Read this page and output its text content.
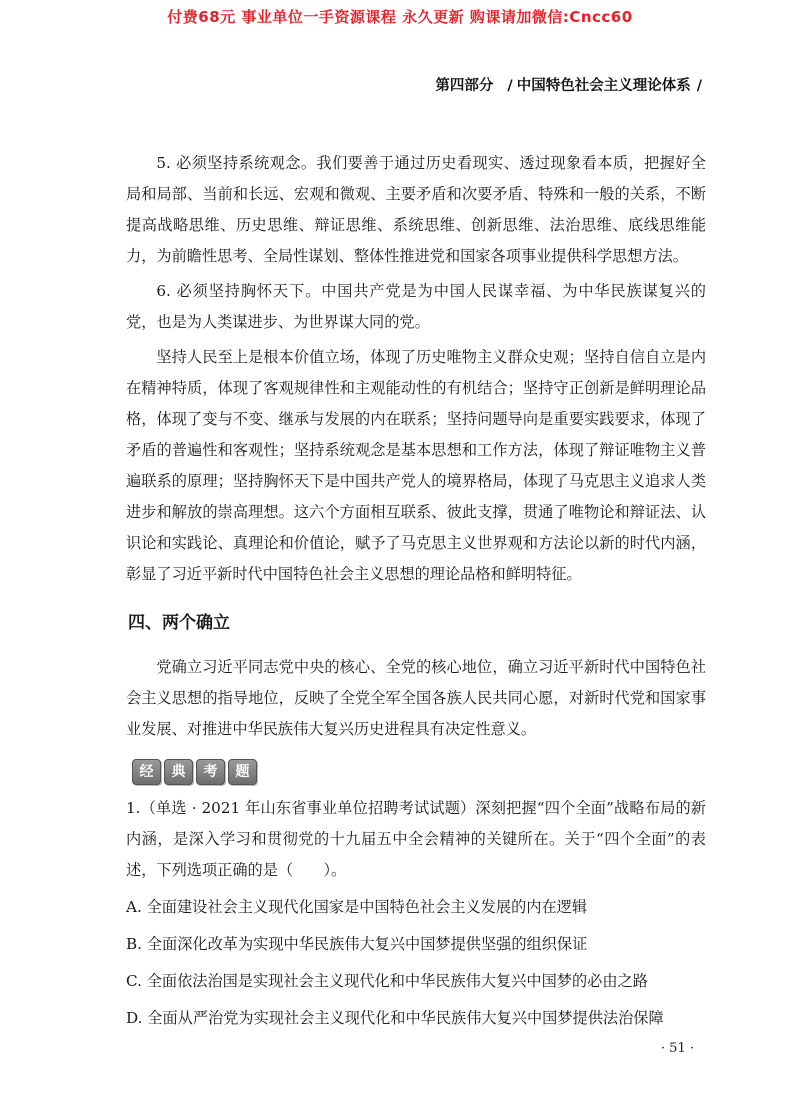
付费68元 事业单位一手资源课程 永久更新 购课请加微信:Cncc60
第四部分 / 中国特色社会主义理论体系 /

5. 必须坚持系统观念。我们要善于通过历史看现实、透过现象看本质，把握好全局和局部、当前和长远、宏观和微观、主要矛盾和次要矛盾、特殊和一般的关系，不断提高战略思维、历史思维、辩证思维、系统思维、创新思维、法治思维、底线思维能力，为前瞻性思考、全局性谋划、整体性推进党和国家各项事业提供科学思想方法。

6. 必须坚持胸怀天下。中国共产党是为中国人民谋幸福、为中华民族谋复兴的党，也是为人类谋进步、为世界谋大同的党。

坚持人民至上是根本价值立场，体现了历史唯物主义群众史观；坚持自信自立是内在精神特质，体现了客观规律性和主观能动性的有机结合；坚持守正创新是鲜明理论品格，体现了变与不变、继承与发展的内在联系；坚持问题导向是重要实践要求，体现了矛盾的普遍性和客观性；坚持系统观念是基本思想和工作方法，体现了辩证唯物主义普遍联系的原理；坚持胸怀天下是中国共产党人的境界格局，体现了马克思主义追求人类进步和解放的崇高理想。这六个方面相互联系、彼此支撑，贯通了唯物论和辩证法、认识论和实践论、真理论和价值论，赋予了马克思主义世界观和方法论以新的时代内涵，彰显了习近平新时代中国特色社会主义思想的理论品格和鲜明特征。

四、两个确立

党确立习近平同志党中央的核心、全党的核心地位，确立习近平新时代中国特色社会主义思想的指导地位，反映了全党全军全国各族人民共同心愿，对新时代党和国家事业发展、对推进中华民族伟大复兴历史进程具有决定性意义。

经	典	考	题

1.（单选 · 2021 年山东省事业单位招聘考试试题）深刻把握“四个全面”战略布局的新内涵，是深入学习和贯彻党的十九届五中全会精神的关键所在。关于“四个全面”的表述，下列选项正确的是（　　）。

A. 全面建设社会主义现代化国家是中国特色社会主义发展的内在逻辑

B. 全面深化改革为实现中华民族伟大复兴中国梦提供坚强的组织保证

C. 全面依法治国是实现社会主义现代化和中华民族伟大复兴中国梦的必由之路

D. 全面从严治党为实现社会主义现代化和中华民族伟大复兴中国梦提供法治保障

· 51 ·
